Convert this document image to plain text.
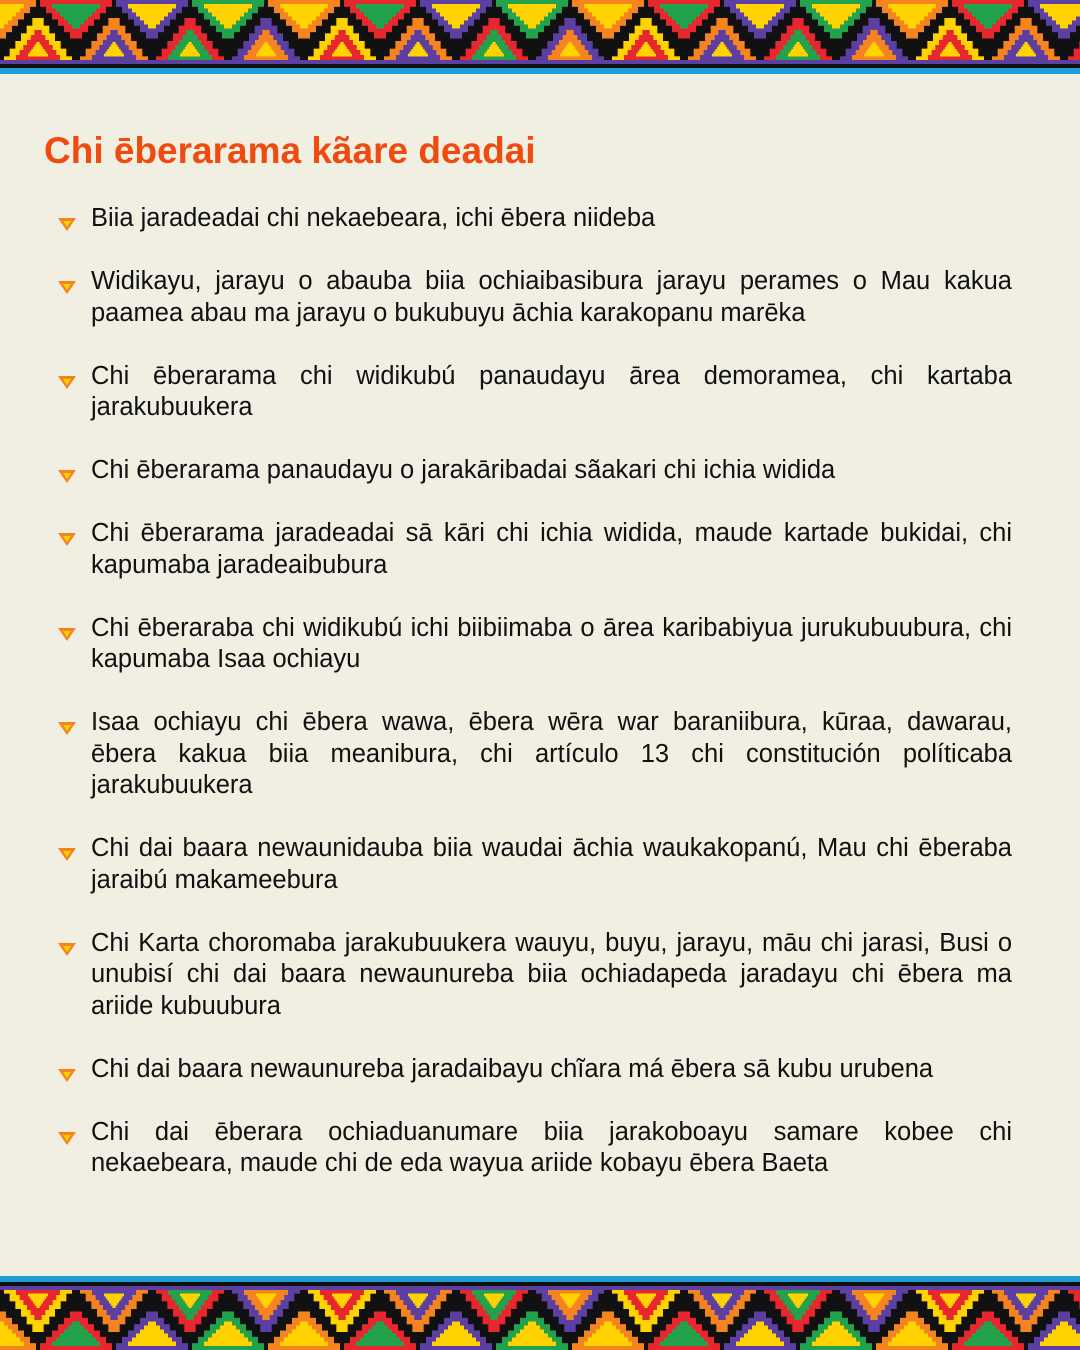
Chi ēberarama kãare deadai
Biia jaradeadai chi nekaebeara, ichi ēbera niideba
Widikayu, jarayu o abauba biia ochiaibasibura jarayu perames o Mau kakua paamea abau ma jarayu o bukubuyu āchia karakopanu marēka
Chi ēberarama chi widikubú panaudayu ārea demoramea, chi kartaba jarakubuukera
Chi ēberarama panaudayu o jarakāribadai sãakari chi ichia widida
Chi ēberarama jaradeadai sā kāri chi ichia widida, maude kartade bukidai, chi kapumaba jaradeaibubura
Chi ēberaraba chi widikubú ichi biibiimaba o ārea karibabiyua jurukubuubura, chi kapumaba Isaa ochiayu
Isaa ochiayu chi ēbera wawa, ēbera wēra war baraniibura, kūraa, dawarau, ēbera kakua biia meanibura, chi artículo 13 chi constitución políticaba jarakubuukera
Chi dai baara newaunidauba biia waudai āchia waukakopanú, Mau chi ēberaba jaraibú makameebura
Chi Karta choromaba jarakubuukera wauyu, buyu, jarayu, māu chi jarasi, Busi o unubisí chi dai baara newaunureba biia ochiadapeda jaradayu chi ēbera ma ariide kubuubura
Chi dai baara newaunureba jaradaibayu chĩara má ēbera sā kubu urubena
Chi dai ēberara ochiaduanumare biia jarakoboayu samare kobee chi nekaebeara, maude chi de eda wayua ariide kobayu ēbera Baeta
